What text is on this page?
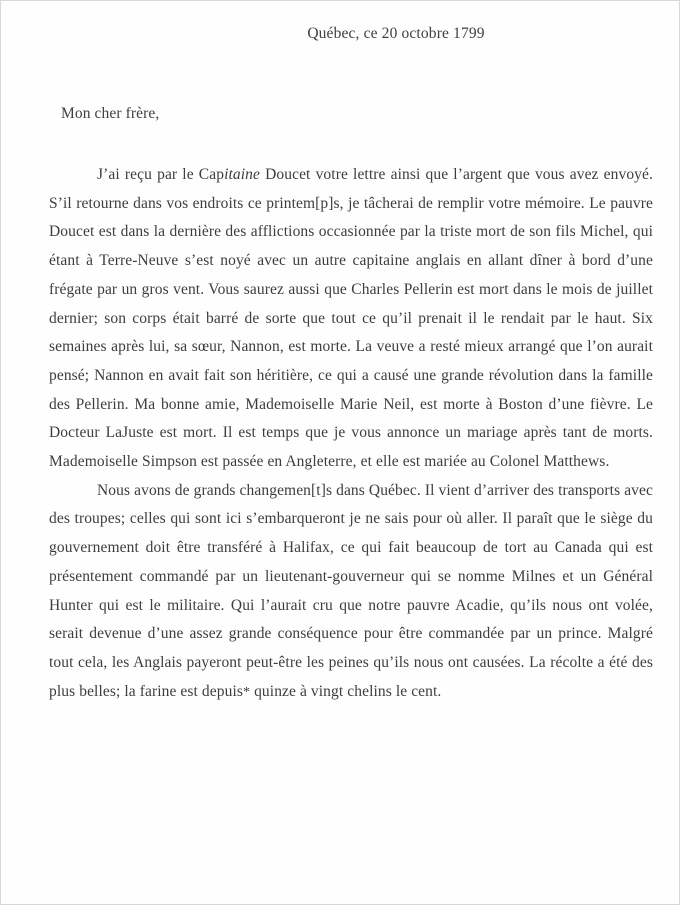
Québec, ce 20 octobre 1799
Mon cher frère,

J’ai reçu par le Capitaine Doucet votre lettre ainsi que l’argent que vous avez envoyé. S’il retourne dans vos endroits ce printem[p]s, je tâcherai de remplir votre mémoire. Le pauvre Doucet est dans la dernière des afflictions occasionnée par la triste mort de son fils Michel, qui étant à Terre-Neuve s’est noyé avec un autre capitaine anglais en allant dîner à bord d’une frégate par un gros vent. Vous saurez aussi que Charles Pellerin est mort dans le mois de juillet dernier; son corps était barré de sorte que tout ce qu’il prenait il le rendait par le haut. Six semaines après lui, sa sœur, Nannon, est morte. La veuve a resté mieux arrangé que l’on aurait pensé; Nannon en avait fait son héritière, ce qui a causé une grande révolution dans la famille des Pellerin. Ma bonne amie, Mademoiselle Marie Neil, est morte à Boston d’une fièvre. Le Docteur LaJuste est mort. Il est temps que je vous annonce un mariage après tant de morts. Mademoiselle Simpson est passée en Angleterre, et elle est mariée au Colonel Matthews.

Nous avons de grands changemen[t]s dans Québec. Il vient d’arriver des transports avec des troupes; celles qui sont ici s’embarqueront je ne sais pour où aller. Il paraît que le siège du gouvernement doit être transféré à Halifax, ce qui fait beaucoup de tort au Canada qui est présentement commandé par un lieutenant-gouverneur qui se nomme Milnes et un Général Hunter qui est le militaire. Qui l’aurait cru que notre pauvre Acadie, qu’ils nous ont volée, serait devenue d’une assez grande conséquence pour être commandée par un prince. Malgré tout cela, les Anglais payeront peut-être les peines qu’ils nous ont causées. La récolte a été des plus belles; la farine est depuis* quinze à vingt chelins le cent.
